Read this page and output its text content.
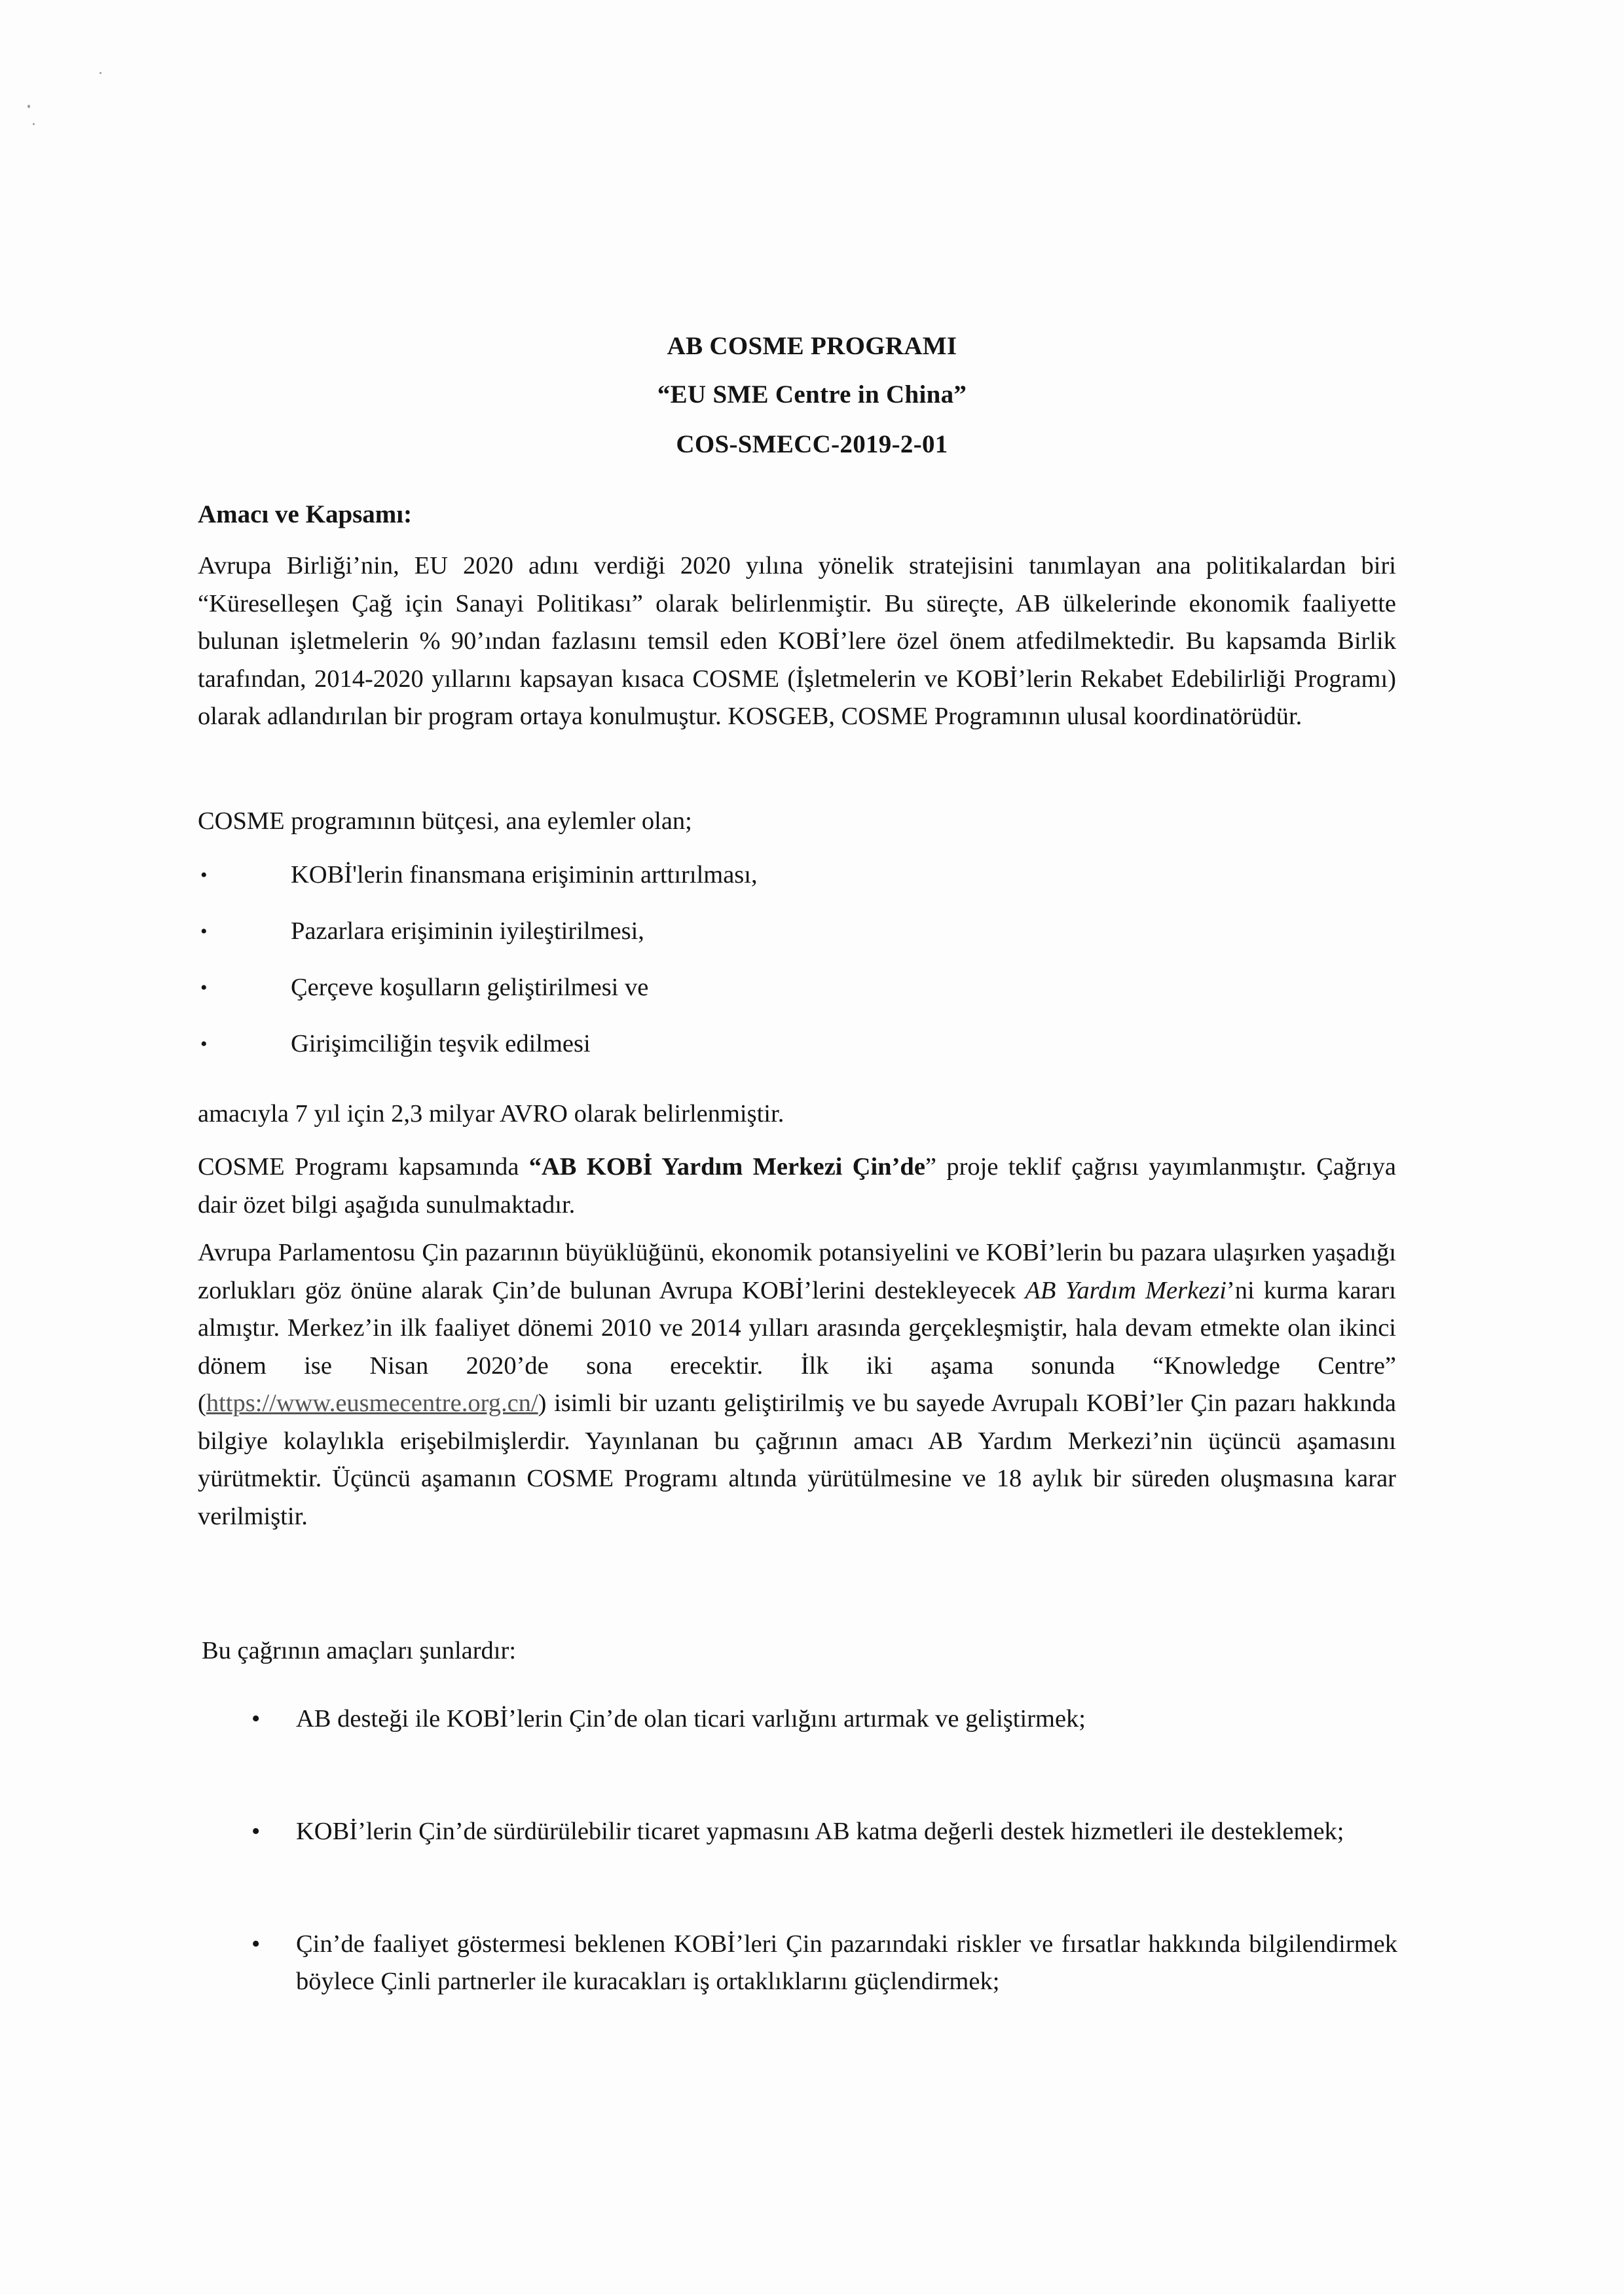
AB COSME PROGRAMI
“EU SME Centre in China”
COS-SMECC-2019-2-01
Amacı ve Kapsamı:

Avrupa Birliği’nin, EU 2020 adını verdiği 2020 yılına yönelik stratejisini tanımlayan ana politikalardan biri “Küreselleşen Çağ için Sanayi Politikası” olarak belirlenmiştir. Bu süreçte, AB ülkelerinde ekonomik faaliyette bulunan işletmelerin % 90’ından fazlasını temsil eden KOBİ’lere özel önem atfedilmektedir. Bu kapsamda Birlik tarafından, 2014-2020 yıllarını kapsayan kısaca COSME (İşletmelerin ve KOBİ’lerin Rekabet Edebilirliği Programı) olarak adlandırılan bir program ortaya konulmuştur. KOSGEB, COSME Programının ulusal koordinatörüdür.

COSME programının bütçesi, ana eylemler olan;

•	KOBİ'lerin finansmana erişiminin arttırılması,
•	Pazarlara erişiminin iyileştirilmesi,
•	Çerçeve koşulların geliştirilmesi ve
•	Girişimciliğin teşvik edilmesi

amacıyla 7 yıl için 2,3 milyar AVRO olarak belirlenmiştir.

COSME Programı kapsamında “AB KOBİ Yardım Merkezi Çin’de” proje teklif çağrısı yayımlanmıştır. Çağrıya dair özet bilgi aşağıda sunulmaktadır.

Avrupa Parlamentosu Çin pazarının büyüklüğünü, ekonomik potansiyelini ve KOBİ’lerin bu pazara ulaşırken yaşadığı zorlukları göz önüne alarak Çin’de bulunan Avrupa KOBİ’lerini destekleyecek AB Yardım Merkezi’ni kurma kararı almıştır. Merkez’in ilk faaliyet dönemi 2010 ve 2014 yılları arasında gerçekleşmiştir, hala devam etmekte olan ikinci dönem ise Nisan 2020’de sona erecektir. İlk iki aşama sonunda “Knowledge Centre” (https://www.eusmecentre.org.cn/) isimli bir uzantı geliştirilmiş ve bu sayede Avrupalı KOBİ’ler Çin pazarı hakkında bilgiye kolaylıkla erişebilmişlerdir. Yayınlanan bu çağrının amacı AB Yardım Merkezi’nin üçüncü aşamasını yürütmektir. Üçüncü aşamanın COSME Programı altında yürütülmesine ve 18 aylık bir süreden oluşmasına karar verilmiştir.

Bu çağrının amaçları şunlardır:

• AB desteği ile KOBİ’lerin Çin’de olan ticari varlığını artırmak ve geliştirmek;
• KOBİ’lerin Çin’de sürdürülebilir ticaret yapmasını AB katma değerli destek hizmetleri ile desteklemek;
• Çin’de faaliyet göstermesi beklenen KOBİ’leri Çin pazarındaki riskler ve fırsatlar hakkında bilgilendirmek böylece Çinli partnerler ile kuracakları iş ortaklıklarını güçlendirmek;
